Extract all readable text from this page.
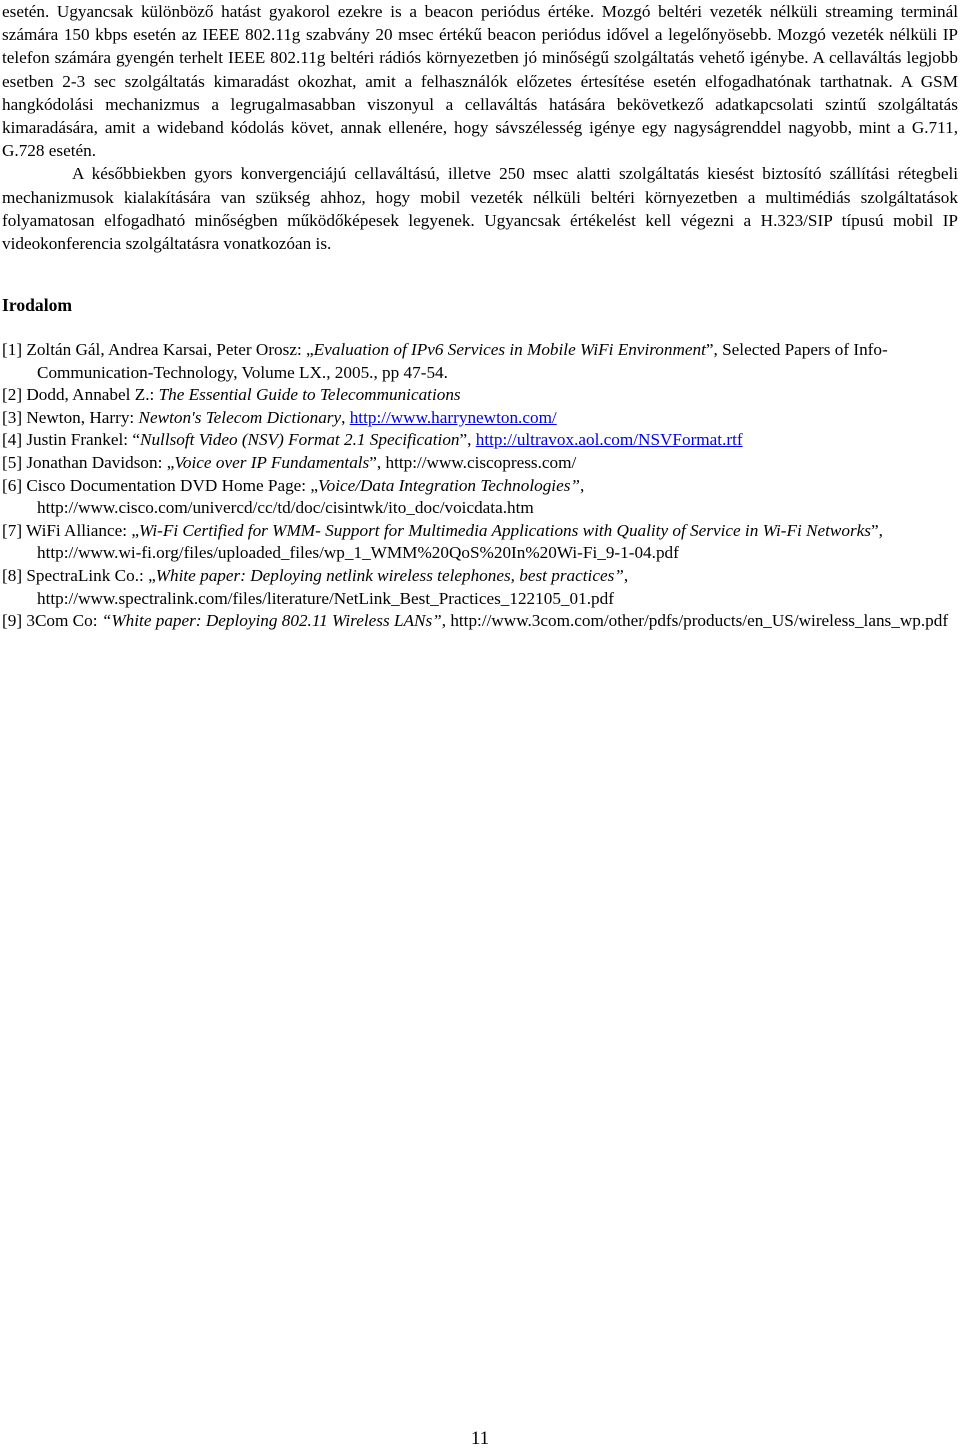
esetén. Ugyancsak különböző hatást gyakorol ezekre is a beacon periódus értéke. Mozgó beltéri vezeték nélküli streaming terminál számára 150 kbps esetén az IEEE 802.11g szabvány 20 msec értékű beacon periódus idővel a legelőnyösebb. Mozgó vezeték nélküli IP telefon számára gyengén terhelt IEEE 802.11g beltéri rádiós környezetben jó minőségű szolgáltatás vehető igénybe. A cellaváltás legjobb esetben 2-3 sec szolgáltatás kimaradást okozhat, amit a felhasználók előzetes értesítése esetén elfogadhatónak tarthatnak. A GSM hangkódolási mechanizmus a legrugalmasabban viszonyul a cellaváltás hatására bekövetkező adatkapcsolati szintű szolgáltatás kimaradására, amit a wideband kódolás követ, annak ellenére, hogy sávszélesség igénye egy nagyságrenddel nagyobb, mint a G.711, G.728 esetén.

A későbbiekben gyors konvergenciájú cellaváltású, illetve 250 msec alatti szolgáltatás kiesést biztosító szállítási rétegbeli mechanizmusok kialakítására van szükség ahhoz, hogy mobil vezeték nélküli beltéri környezetben a multimédiás szolgáltatások folyamatosan elfogadható minőségben működőképesek legyenek. Ugyancsak értékelést kell végezni a H.323/SIP típusú mobil IP videokonferencia szolgáltatásra vonatkozóan is.

Irodalom
[1] Zoltán Gál, Andrea Karsai, Peter Orosz: „Evaluation of IPv6 Services in Mobile WiFi Environment”, Selected Papers of Info-Communication-Technology, Volume LX., 2005., pp 47-54.
[2] Dodd, Annabel Z.: The Essential Guide to Telecommunications
[3] Newton, Harry: Newton's Telecom Dictionary, http://www.harrynewton.com/
[4] Justin Frankel: “Nullsoft Video (NSV) Format 2.1 Specification”, http://ultravox.aol.com/NSVFormat.rtf
[5] Jonathan Davidson: „Voice over IP Fundamentals”, http://www.ciscopress.com/
[6] Cisco Documentation DVD Home Page: „Voice/Data Integration Technologies”, http://www.cisco.com/univercd/cc/td/doc/cisintwk/ito_doc/voicdata.htm
[7] WiFi Alliance: „Wi-Fi Certified for WMM- Support for Multimedia Applications with Quality of Service in Wi-Fi Networks”, http://www.wi-fi.org/files/uploaded_files/wp_1_WMM%20QoS%20In%20Wi-Fi_9-1-04.pdf
[8] SpectraLink Co.: „White paper: Deploying netlink wireless telephones, best practices”, http://www.spectralink.com/files/literature/NetLink_Best_Practices_122105_01.pdf
[9] 3Com Co: “White paper: Deploying 802.11 Wireless LANs”, http://www.3com.com/other/pdfs/products/en_US/wireless_lans_wp.pdf
11
